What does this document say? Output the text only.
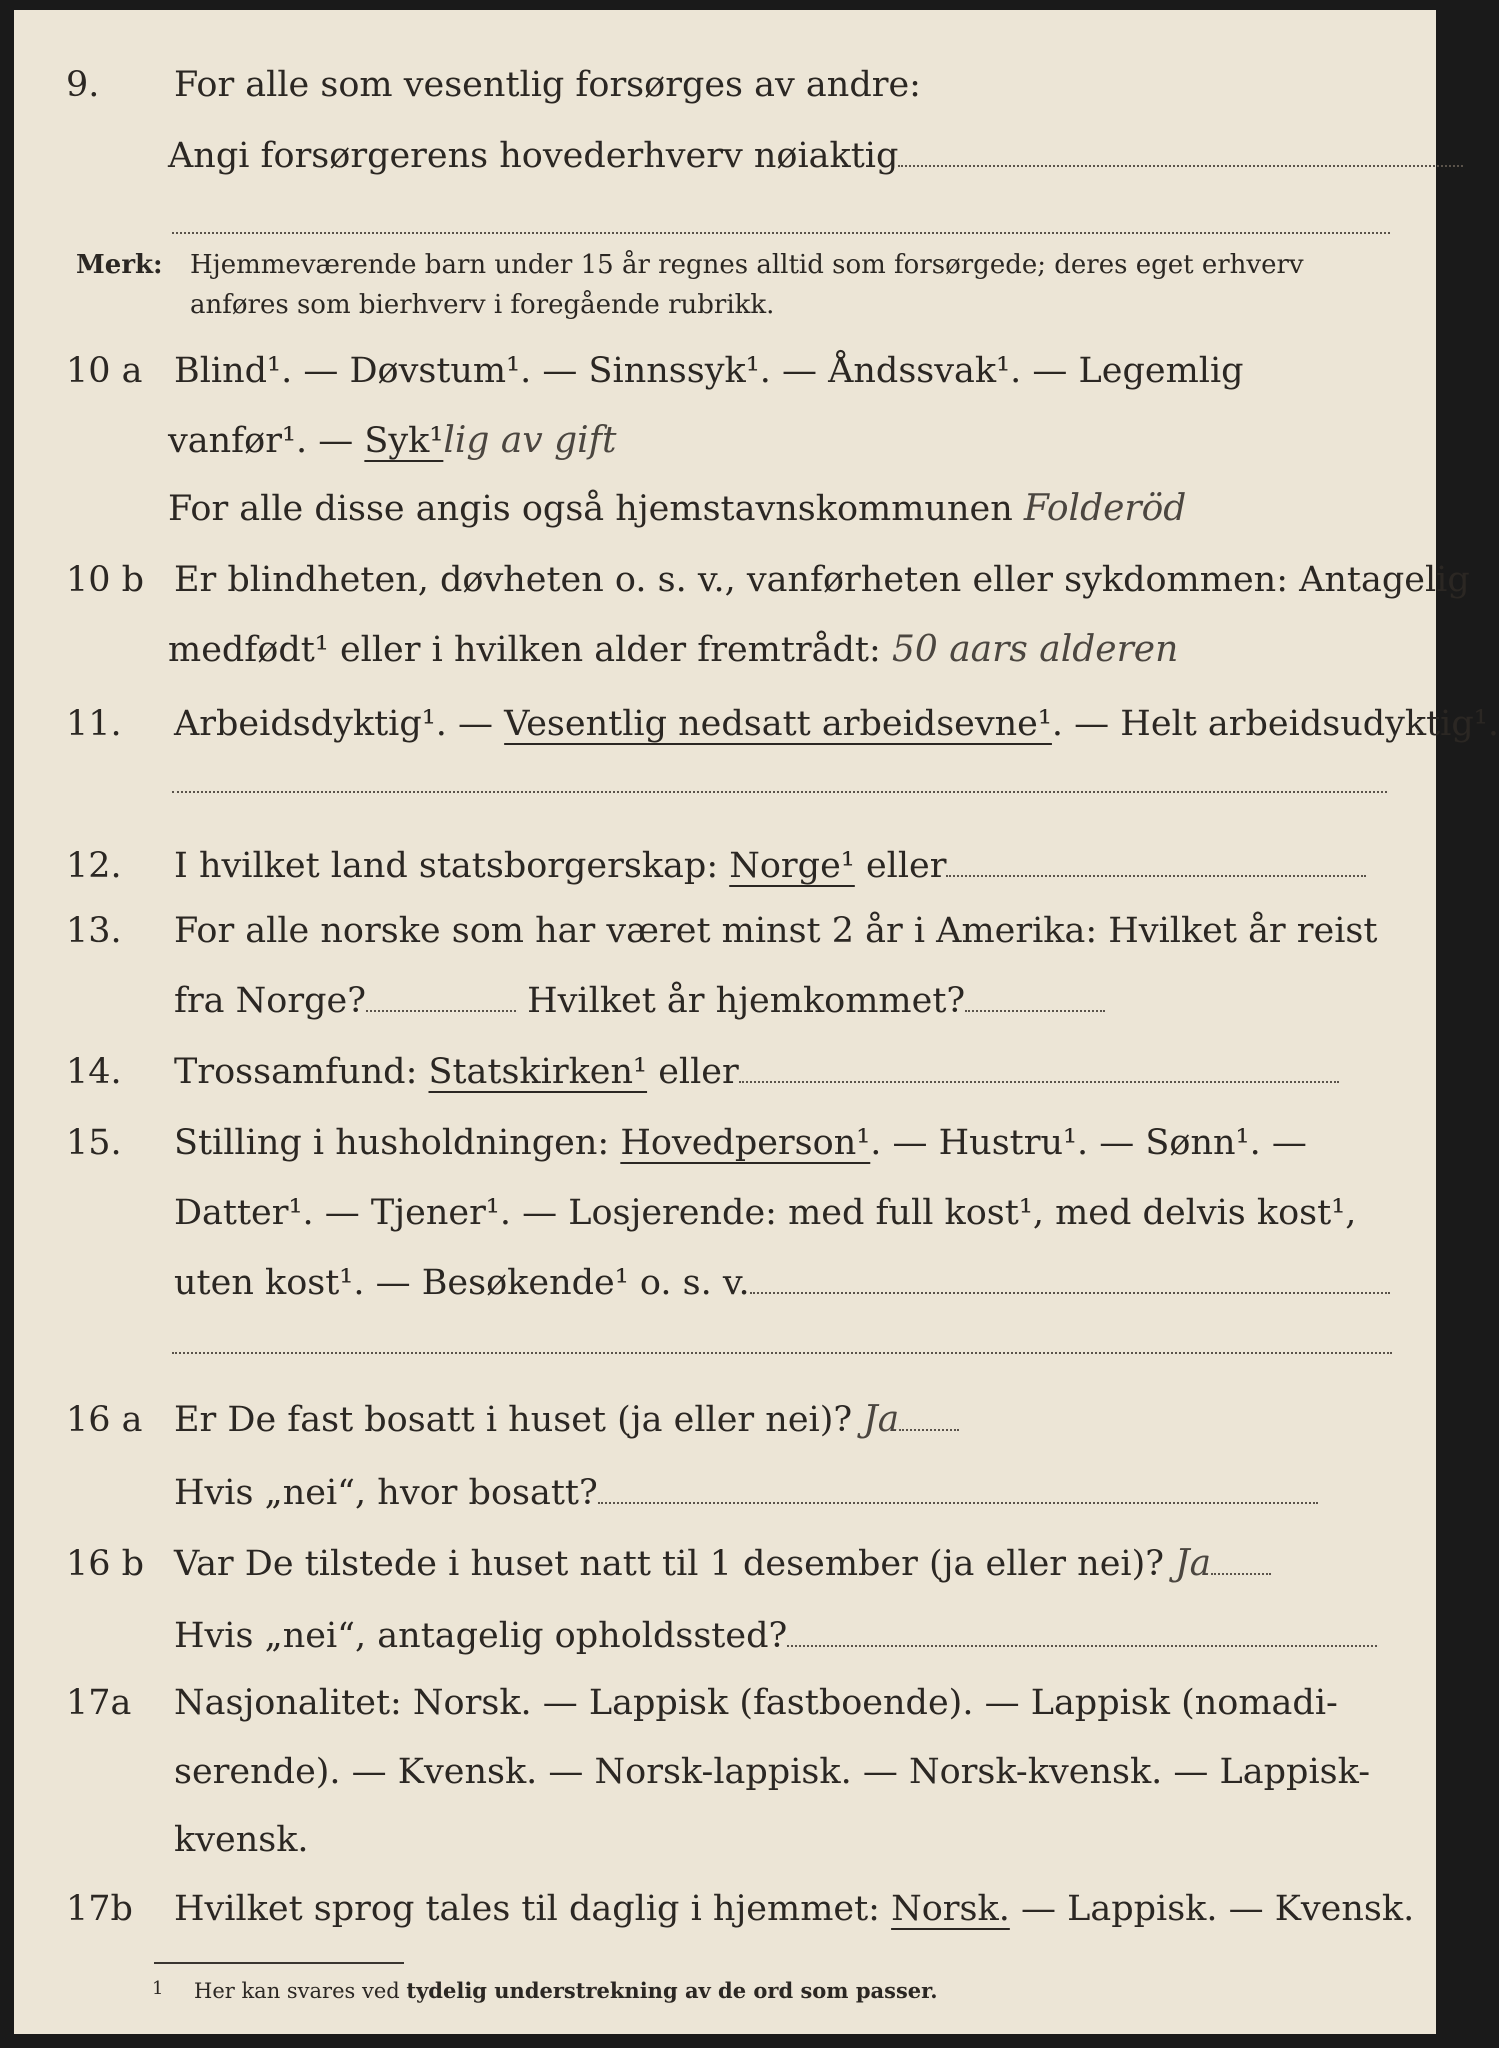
9. For alle som vesentlig forsørges av andre:
Angi forsørgerens hovederhverv nøiaktig
Merk: Hjemmeværende barn under 15 år regnes alltid som forsørgede; deres eget erhverv
anføres som bierhverv i foregående rubrikk.
10 a Blind¹. — Døvstum¹. — Sinnssyk¹. — Åndssvak¹. — Legemlig
vanfør¹. — Syk¹lig av gift
For alle disse angis også hjemstavnskommunen Folderöd
10 b Er blindheten, døvheten o. s. v., vanførheten eller sykdommen: Antagelig
medfødt¹ eller i hvilken alder fremtrådt: 50 aars alderen
11. Arbeidsdyktig¹. — Vesentlig nedsatt arbeidsevne¹. — Helt arbeidsudyktig¹.
12. I hvilket land statsborgerskap: Norge¹ eller
13. For alle norske som har været minst 2 år i Amerika: Hvilket år reist
fra Norge?	Hvilket år hjemkommet?
14. Trossamfund: Statskirken¹ eller
15. Stilling i husholdningen: Hovedperson¹. — Hustru¹. — Sønn¹. —
Datter¹. — Tjener¹. — Losjerende: med full kost¹, med delvis kost¹,
uten kost¹. — Besøkende¹ o. s. v.
16 a Er De fast bosatt i huset (ja eller nei)? Ja
Hvis „nei“, hvor bosatt?
16 b Var De tilstede i huset natt til 1 desember (ja eller nei)? Ja
Hvis „nei“, antagelig opholdssted?
17a Nasjonalitet: Norsk. — Lappisk (fastboende). — Lappisk (nomadi-
serende). — Kvensk. — Norsk-lappisk. — Norsk-kvensk. — Lappisk-
kvensk.
17b Hvilket sprog tales til daglig i hjemmet: Norsk. — Lappisk. — Kvensk.
1 Her kan svares ved tydelig understrekning av de ord som passer.
